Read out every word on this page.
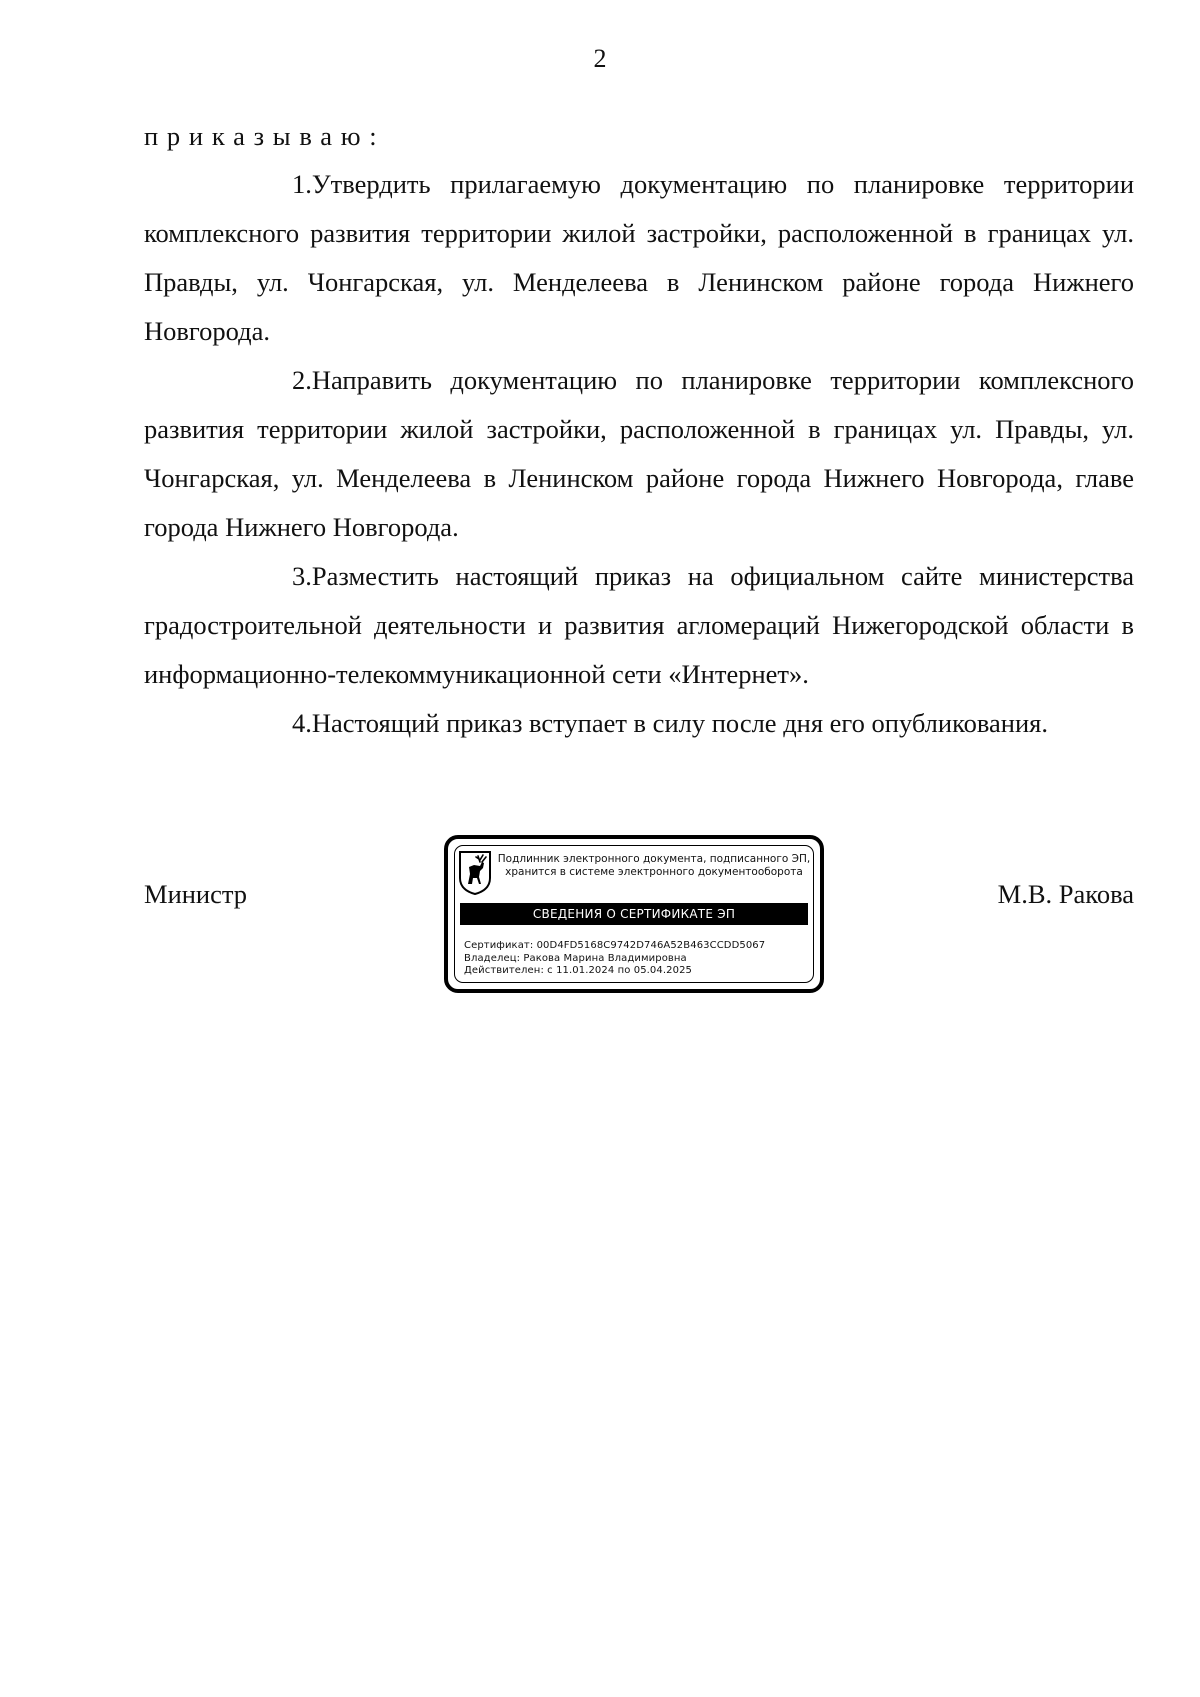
2
приказываю:

1.Утвердить прилагаемую документацию по планировке территории комплексного развития территории жилой застройки, расположенной в границах ул. Правды, ул. Чонгарская, ул. Менделеева в Ленинском районе города Нижнего Новгорода.

2.Направить документацию по планировке территории комплексного развития территории жилой застройки, расположенной в границах ул. Правды, ул. Чонгарская, ул. Менделеева в Ленинском районе города Нижнего Новгорода, главе города Нижнего Новгорода.

3.Разместить настоящий приказ на официальном сайте министерства градостроительной деятельности и развития агломераций Нижегородской области в информационно-телекоммуникационной сети «Интернет».

4.Настоящий приказ вступает в силу после дня его опубликования.

Министр
Подлинник электронного документа, подписанного ЭП,
хранится в системе электронного документооборота
СВЕДЕНИЯ О СЕРТИФИКАТЕ ЭП
Сертификат: 00D4FD5168C9742D746A52B463CCDD5067
Владелец: Ракова Марина Владимировна
Действителен: с 11.01.2024 по 05.04.2025
М.В. Ракова
